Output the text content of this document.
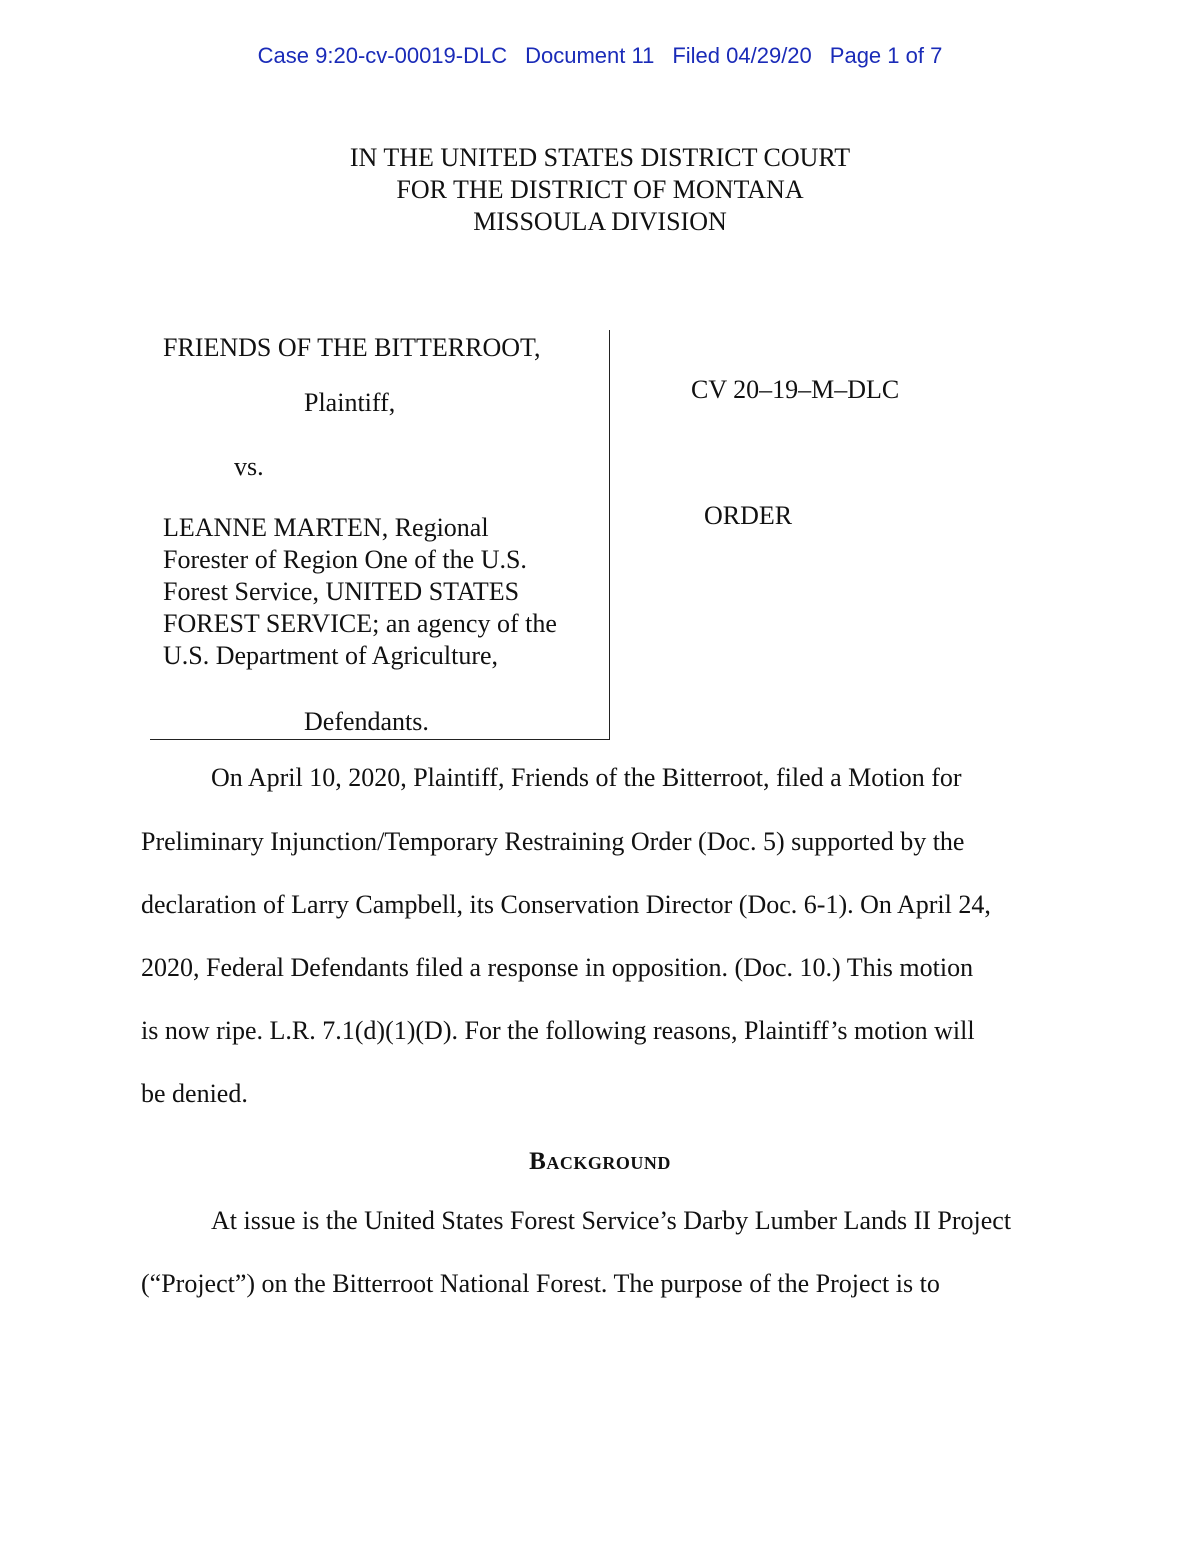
Case 9:20-cv-00019-DLC Document 11 Filed 04/29/20 Page 1 of 7
IN THE UNITED STATES DISTRICT COURT
FOR THE DISTRICT OF MONTANA
MISSOULA DIVISION
FRIENDS OF THE BITTERROOT,
Plaintiff,
vs.
LEANNE MARTEN, Regional
Forester of Region One of the U.S.
Forest Service, UNITED STATES
FOREST SERVICE; an agency of the
U.S. Department of Agriculture,
Defendants.
CV 20–19–M–DLC
ORDER
On April 10, 2020, Plaintiff, Friends of the Bitterroot, filed a Motion for
Preliminary Injunction/Temporary Restraining Order (Doc. 5) supported by the
declaration of Larry Campbell, its Conservation Director (Doc. 6-1). On April 24,
2020, Federal Defendants filed a response in opposition. (Doc. 10.) This motion
is now ripe. L.R. 7.1(d)(1)(D). For the following reasons, Plaintiff’s motion will
be denied.
Background
At issue is the United States Forest Service’s Darby Lumber Lands II Project
(“Project”) on the Bitterroot National Forest. The purpose of the Project is to
